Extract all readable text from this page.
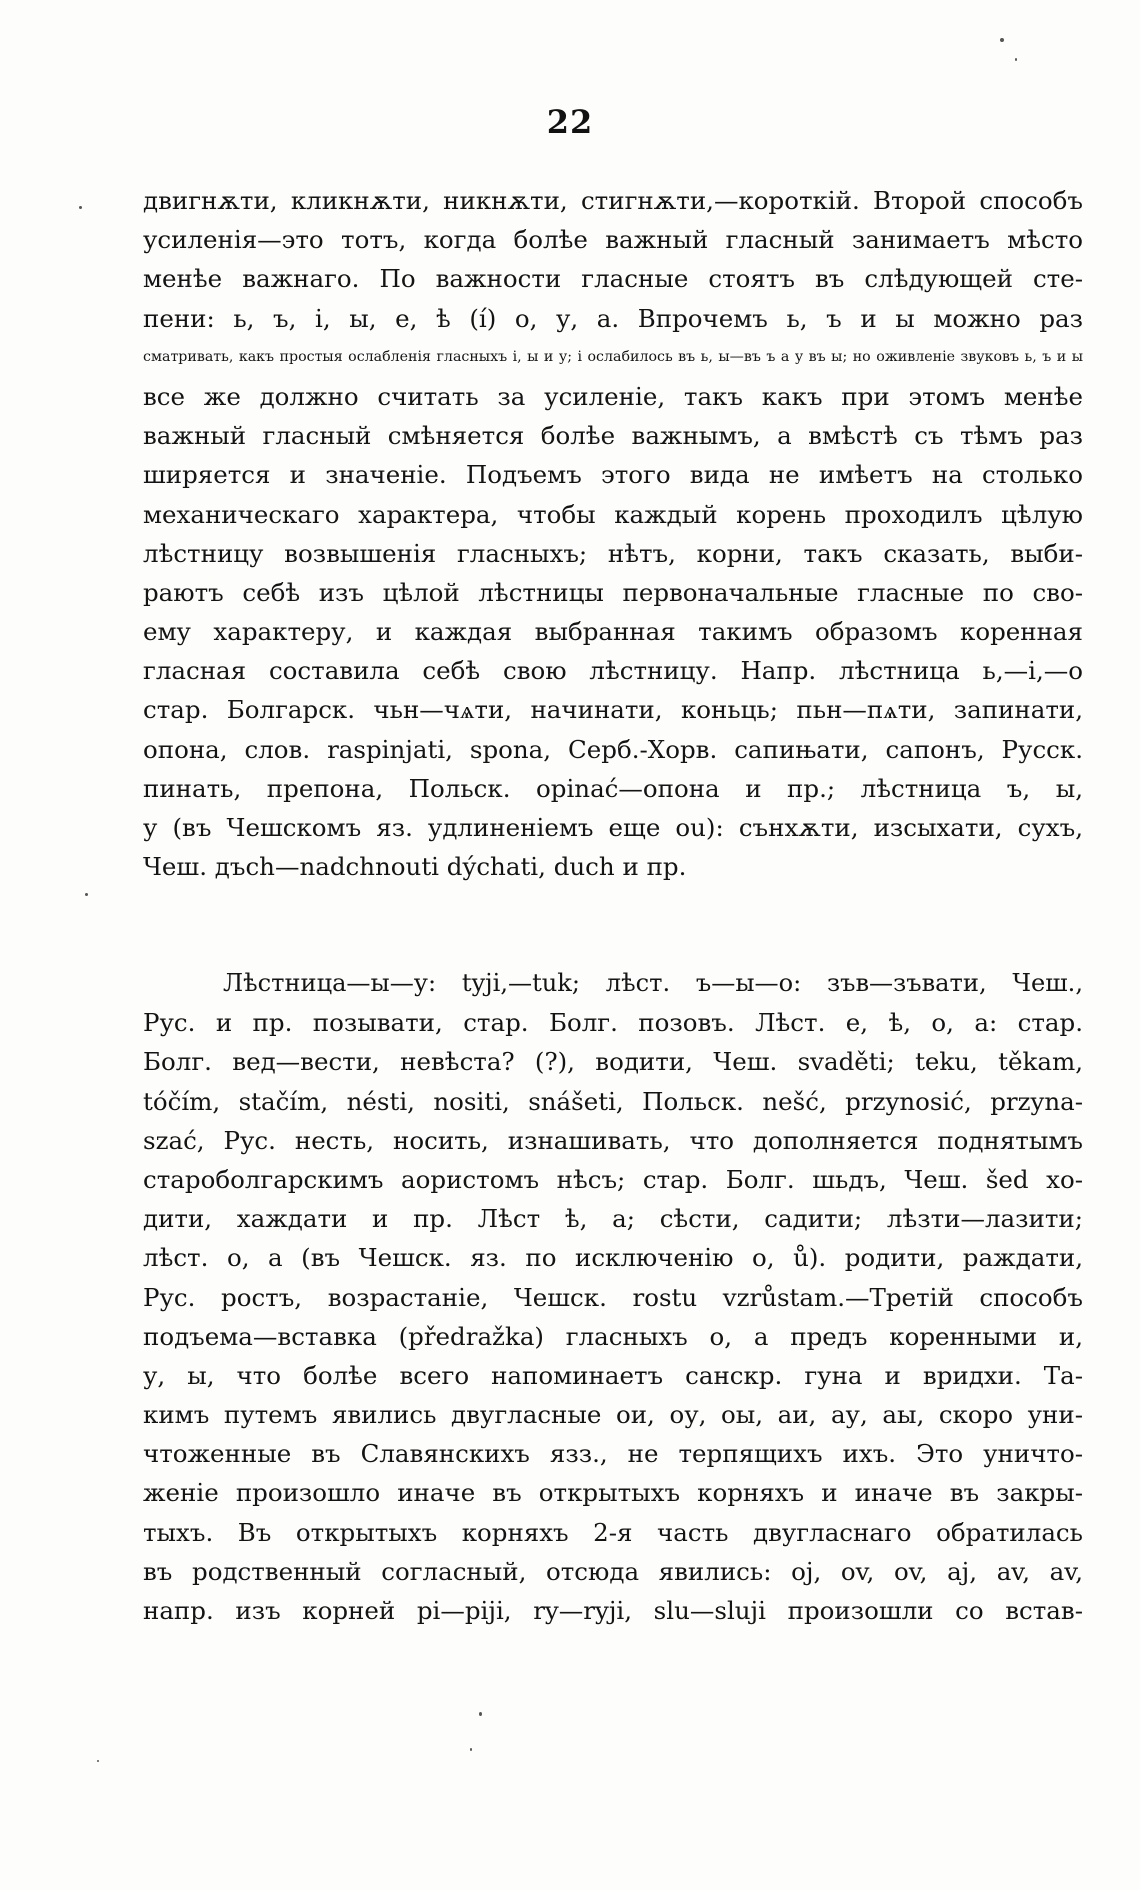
22
двигнѫти, кликнѫти, никнѫти, стигнѫти,—короткій. Второй способъ
усиленія—это тотъ, когда болѣе важный гласный занимаетъ мѣсто
менѣе важнаго. По важности гласные стоятъ въ слѣдующей сте-
пени: ь, ъ, і, ы, е, ѣ (í) о, у, а. Впрочемъ ь, ъ и ы можно раз
сматривать, какъ простыя ослабленія гласныхъ і, ы и у; і ослабилось въ ь, ы—въ ъ а у въ ы; но оживленіе звуковъ ь, ъ и ы
все же должно считать за усиленіе, такъ какъ при этомъ менѣе
важный гласный смѣняется болѣе важнымъ, а вмѣстѣ съ тѣмъ раз
ширяется и значеніе. Подъемъ этого вида не имѣетъ на столько
механическаго характера, чтобы каждый корень проходилъ цѣлую
лѣстницу возвышенія гласныхъ; нѣтъ, корни, такъ сказать, выби-
раютъ себѣ изъ цѣлой лѣстницы первоначальные гласные по сво-
ему характеру, и каждая выбранная такимъ образомъ коренная
гласная составила себѣ свою лѣстницу. Напр. лѣстница ь,—і,—о
стар. Болгарск. чьн—чѧти, начинати, коньць; пьн—пѧти, запинати,
опона, слов. raspinjati, spona, Серб.-Хорв. сапињати, сапонъ, Русск.
пинать, препона, Польск. opinać—опона и пр.; лѣстница ъ, ы,
у (въ Чешскомъ яз. удлиненіемъ еще ou): сънхѫти, изсыхати, сухъ,
Чеш. дъch—nadchnouti dýchati, duch и пр.
Лѣстница—ы—у: tyji,—tuk; лѣст. ъ—ы—о: зъв—зъвати, Чеш.,
Рус. и пр. позывати, стар. Болг. позовъ. Лѣст. е, ѣ, о, а: стар.
Болг. вед—вести, невѣста? (?), водити, Чеш. svaděti; teku, těkam,
tóčím, stačím, nésti, nositi, snášeti, Польск. nešć, przynosić, przyna-
szać, Рус. несть, носить, изнашивать, что дополняется поднятымъ
староболгарскимъ аористомъ нѣсъ; стар. Болг. шьдъ, Чеш. šed хо-
дити, хаждати и пр. Лѣст ѣ, а; сѣсти, садити; лѣзти—лазити;
лѣст. о, а (въ Чешск. яз. по исключенію о, ů). родити, раждати,
Рус. ростъ, возрастаніе, Чешск. rostu vzrůstam.—Третій способъ
подъема—вставка (předražka) гласныхъ о, а предъ коренными и,
у, ы, что болѣе всего напоминаетъ санскр. гуна и вридхи. Та-
кимъ путемъ явились двугласные ои, оу, оы, аи, ау, аы, скоро уни-
чтоженные въ Славянскихъ язз., не терпящихъ ихъ. Это уничто-
женіе произошло иначе въ открытыхъ корняхъ и иначе въ закры-
тыхъ. Въ открытыхъ корняхъ 2-я часть двугласнаго обратилась
въ родственный согласный, отсюда явились: oj, ov, ov, aj, av, av,
напр. изъ корней pi—piji, ry—ryji, slu—sluji произошли со встав-
